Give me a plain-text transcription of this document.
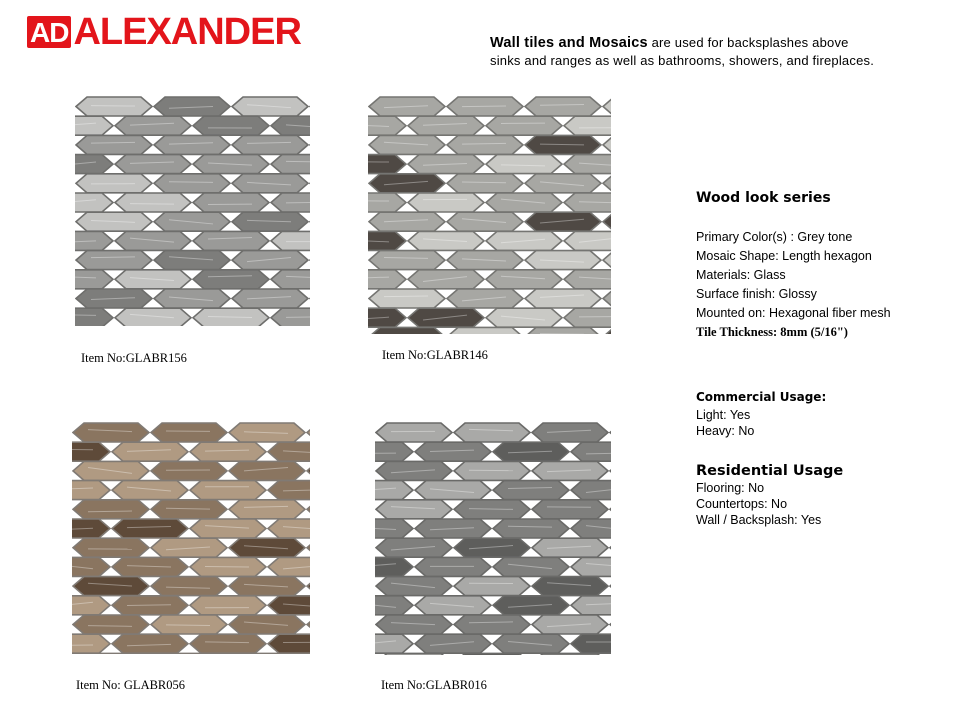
AD ALEXANDER	Wall tiles and Mosaics are used for backsplashes above
sinks and ranges as well as bathrooms, showers, and fireplaces.
Item No:GLABR156	Item No:GLABR146
Item No: GLABR056	Item No:GLABR016
Wood look series
Primary Color(s) : Grey tone
Mosaic Shape: Length hexagon
Materials: Glass
Surface finish: Glossy
Mounted on: Hexagonal fiber mesh
Tile Thickness: 8mm (5/16")
Commercial Usage:
Light: Yes
Heavy: No
Residential Usage
Flooring: No
Countertops: No
Wall / Backsplash: Yes
